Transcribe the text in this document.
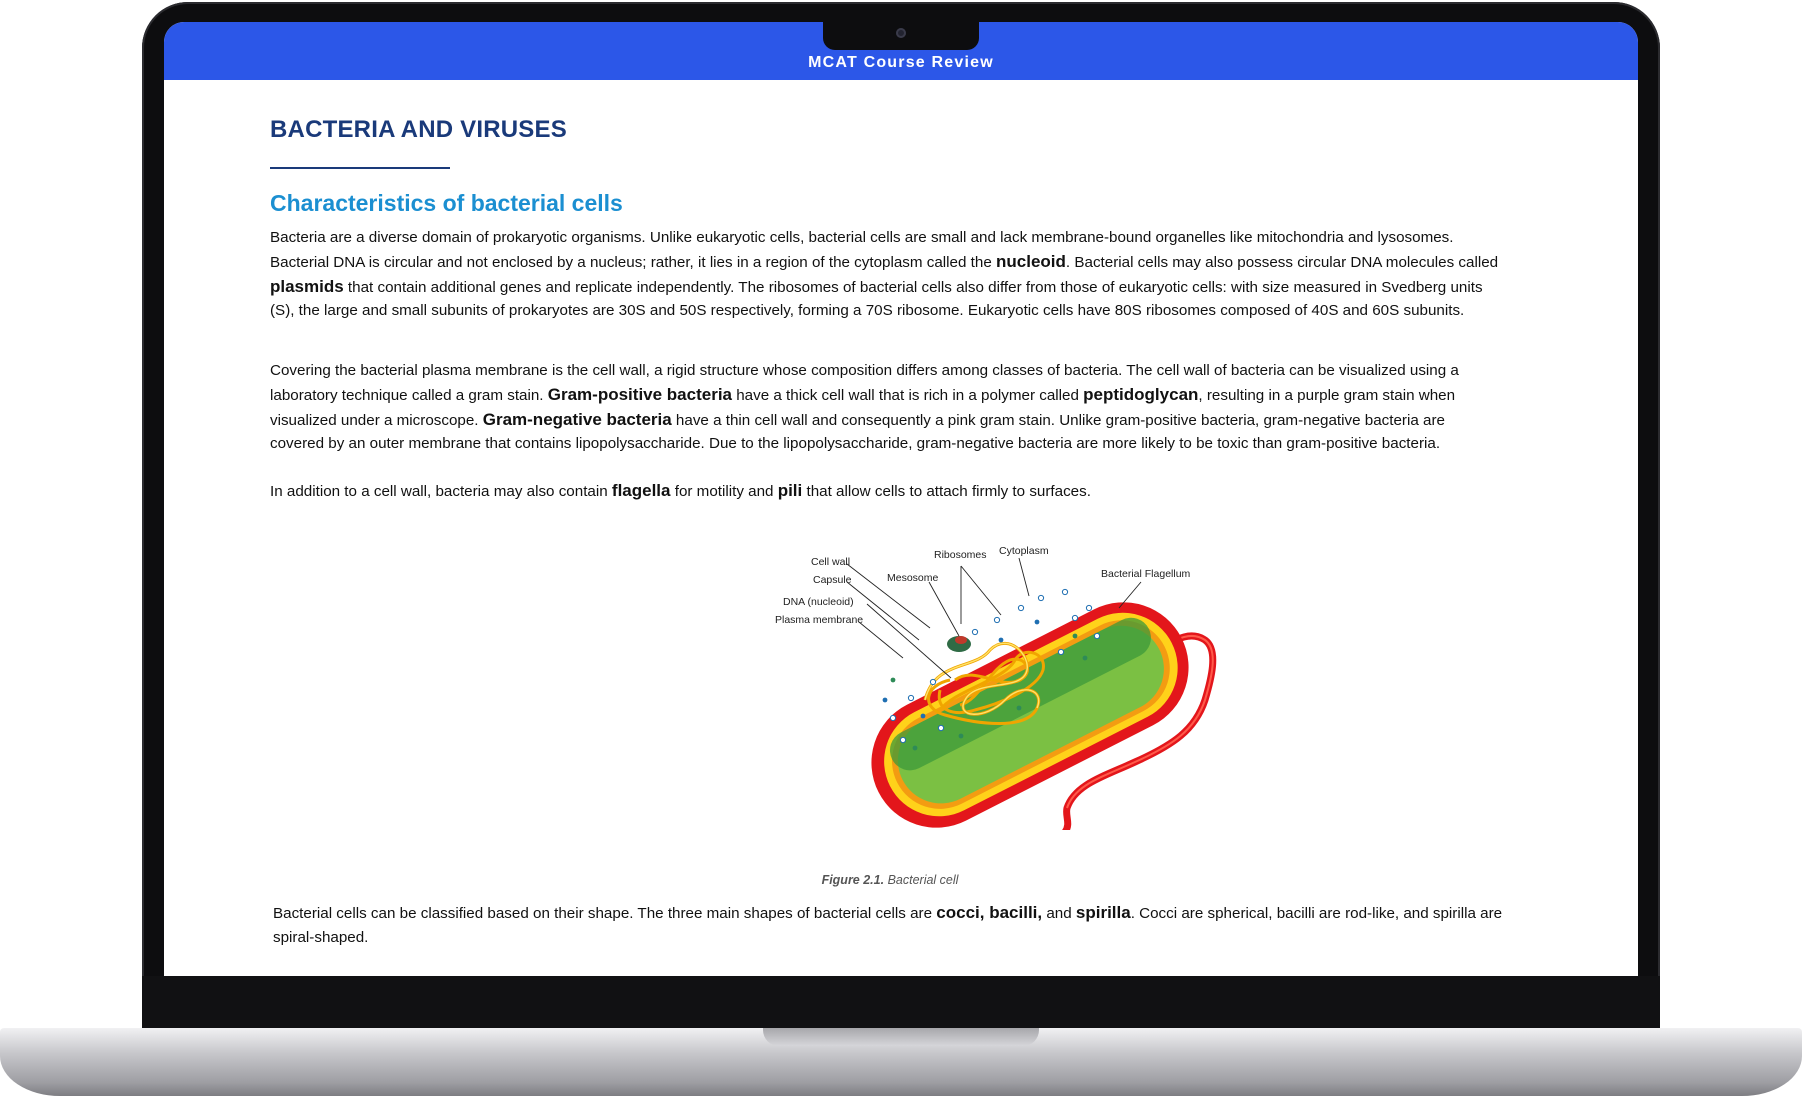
MCAT Course Review
BACTERIA AND VIRUSES
Characteristics of bacterial cells

Bacteria are a diverse domain of prokaryotic organisms. Unlike eukaryotic cells, bacterial cells are small and lack membrane-bound organelles like mitochondria and lysosomes. Bacterial DNA is circular and not enclosed by a nucleus; rather, it lies in a region of the cytoplasm called the nucleoid. Bacterial cells may also possess circular DNA molecules called plasmids that contain additional genes and replicate independently. The ribosomes of bacterial cells also differ from those of eukaryotic cells: with size measured in Svedberg units (S), the large and small subunits of prokaryotes are 30S and 50S respectively, forming a 70S ribosome. Eukaryotic cells have 80S ribosomes composed of 40S and 60S subunits.

Covering the bacterial plasma membrane is the cell wall, a rigid structure whose composition differs among classes of bacteria. The cell wall of bacteria can be visualized using a laboratory technique called a gram stain. Gram-positive bacteria have a thick cell wall that is rich in a polymer called peptidoglycan, resulting in a purple gram stain when visualized under a microscope. Gram-negative bacteria have a thin cell wall and consequently a pink gram stain. Unlike gram-positive bacteria, gram-negative bacteria are covered by an outer membrane that contains lipopolysaccharide. Due to the lipopolysaccharide, gram-negative bacteria are more likely to be toxic than gram-positive bacteria.

In addition to a cell wall, bacteria may also contain flagella for motility and pili that allow cells to attach firmly to surfaces.

Cell wall
Capsule
DNA (nucleoid)
Plasma membrane
Mesosome
Ribosomes Cytoplasm
Bacterial Flagellum
Figure 2.1. Bacterial cell

Bacterial cells can be classified based on their shape. The three main shapes of bacterial cells are cocci, bacilli, and spirilla. Cocci are spherical, bacilli are rod-like, and spirilla are spiral-shaped.
